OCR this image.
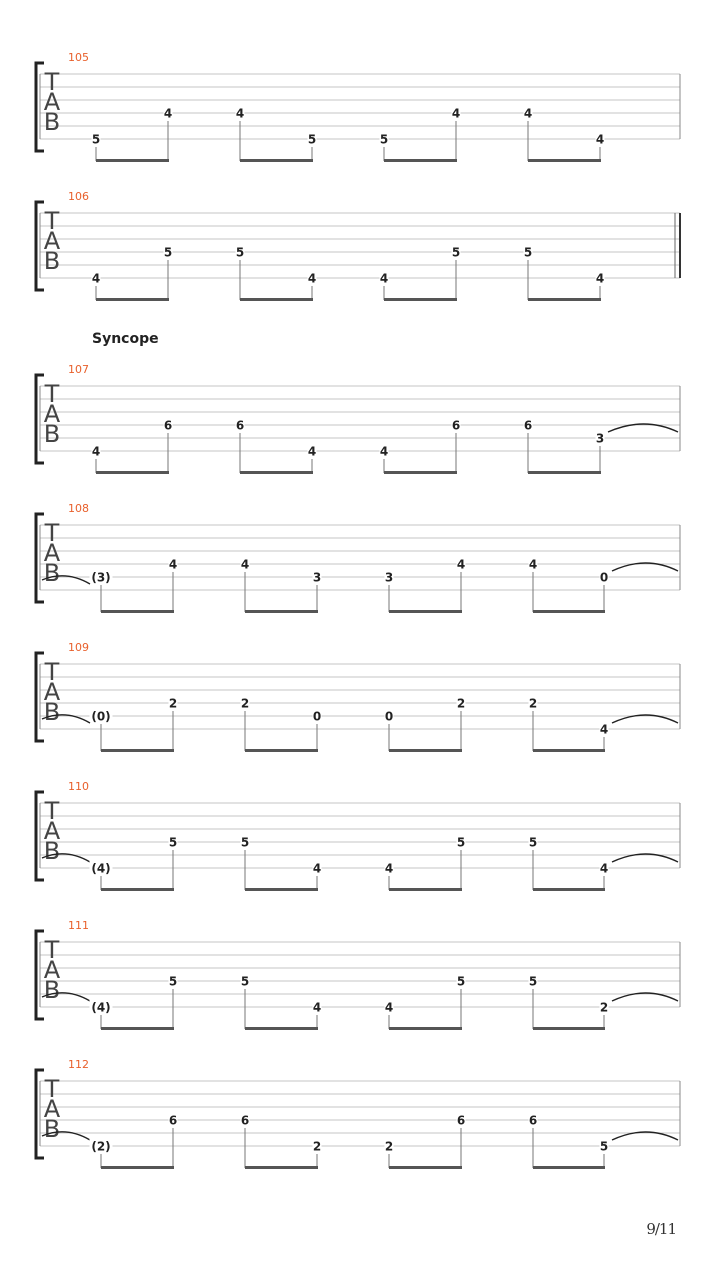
T
A
B
105
5
4	4
5	5
4	4
4
T
A
B
106
4
5	5
4	4
5	5
4
T
A
B
107
4
6	6
4	4
6	6
3
T
A
B
108
(3)
4	4
3	3
4	4
0
T
A
B
109
(0)
2	2
0	0
2	2
4
T
A
B
110
(4)
5	5
4	4
5	5
4
T
A
B
111
(4)
5	5
4	4
5	5
2
T
A
B
112
(2)
6	6
2	2
6	6
5
Syncope
9/11
